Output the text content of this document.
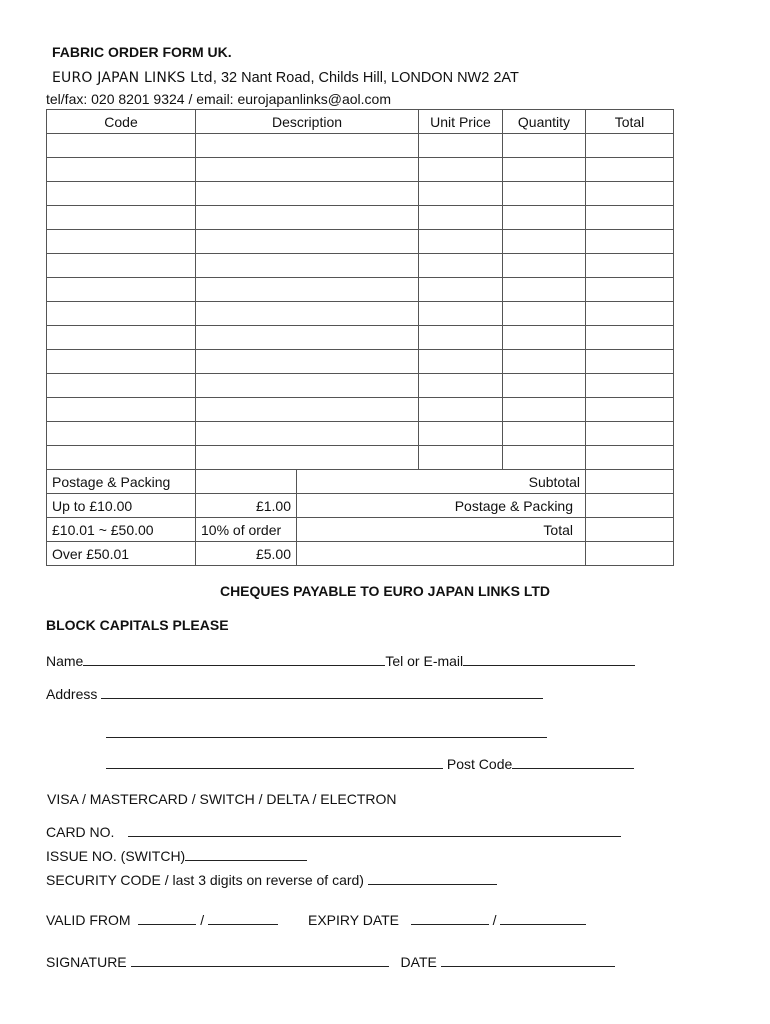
FABRIC ORDER FORM UK.
EURO JAPAN LINKS Ltd, 32 Nant Road, Childs Hill, LONDON NW2 2AT
tel/fax: 020 8201 9324 / email: eurojapanlinks@aol.com
Code	Description		Unit Price	Quantity	Total

Postage & Packing		Subtotal			
Up to £10.00	£1.00	Postage & Packing			
£10.01 ~ £50.00	10% of order	Total			
Over £50.01	£5.00				
CHEQUES PAYABLE TO EURO JAPAN LINKS LTD
BLOCK CAPITALS PLEASE
Name	Tel or E-mail
Address
Post Code
VISA / MASTERCARD / SWITCH / DELTA / ELECTRON
CARD NO.
ISSUE NO. (SWITCH)
SECURITY CODE / last 3 digits on reverse of card)
VALID FROM	/	EXPIRY DATE	/
SIGNATURE	DATE
